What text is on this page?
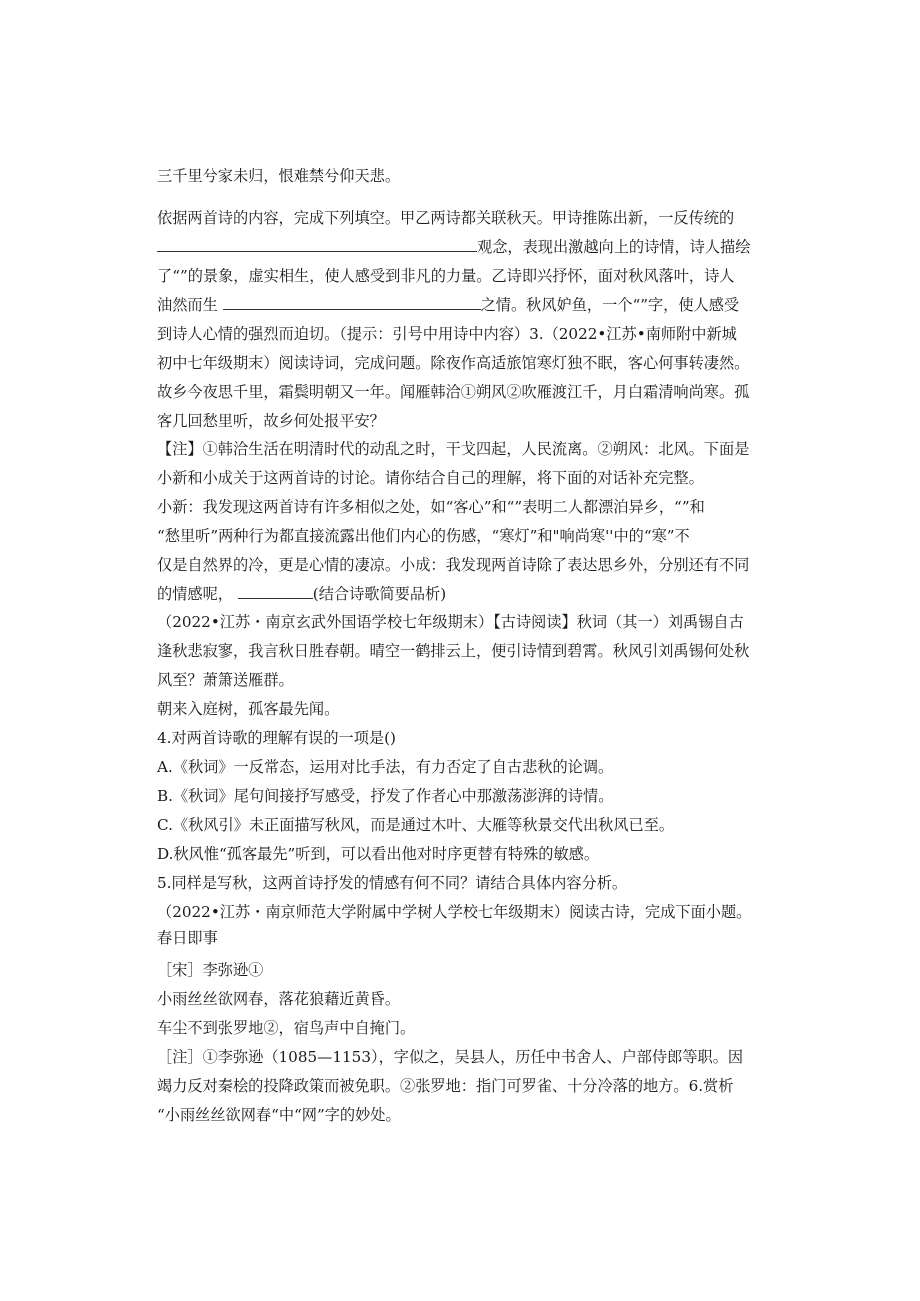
三千里兮家未归，恨难禁兮仰天悲。
依据两首诗的内容，完成下列填空。甲乙两诗都关联秋天。甲诗推陈出新，一反传统的
观念，表现出激越向上的诗情，诗人描绘
了“”的景象，虚实相生，使人感受到非凡的力量。乙诗即兴抒怀，面对秋风落叶，诗人
油然而生	之情。秋风妒鱼，一个“”字，使人感受
到诗人心情的强烈而迫切。（提示：引号中用诗中内容）3.（2022•江苏•南师附中新城
初中七年级期末）阅读诗词，完成问题。除夜作高适旅馆寒灯独不眠，客心何事转凄然。
故乡今夜思千里，霜鬓明朝又一年。闻雁韩洽①朔风②吹雁渡江千，月白霜清响尚寒。孤
客几回愁里听，故乡何处报平安？
【注】①韩洽生活在明清时代的动乱之时，干戈四起，人民流离。②朔风：北风。下面是
小新和小成关于这两首诗的讨论。请你结合自己的理解，将下面的对话补充完整。
小新：我发现这两首诗有许多相似之处，如“客心”和“”表明二人都漂泊异乡，“”和
“愁里听”两种行为都直接流露出他们内心的伤感，“寒灯”和"响尚寒''中的“寒”不
仅是自然界的冷，更是心情的凄凉。小成：我发现两首诗除了表达思乡外，分别还有不同
的情感呢，	(结合诗歌简要品析)
（2022•江苏・南京玄武外国语学校七年级期末）【古诗阅读】秋词（其一）刘禹锡自古
逢秋悲寂寥，我言秋日胜春朝。晴空一鹤排云上，便引诗情到碧霄。秋风引刘禹锡何处秋
风至？萧箫送雁群。
朝来入庭树，孤客最先闻。
4.对两首诗歌的理解有误的一项是()
A.《秋词》一反常态，运用对比手法，有力否定了自古悲秋的论调。
B.《秋词》尾句间接抒写感受，抒发了作者心中那激荡澎湃的诗情。
C.《秋风引》未正面描写秋风，而是通过木叶、大雁等秋景交代出秋风已至。
D.秋风惟“孤客最先”听到，可以看出他对时序更替有特殊的敏感。
5.同样是写秋，这两首诗抒发的情感有何不同？请结合具体内容分析。
（2022•江苏・南京师范大学附属中学树人学校七年级期末）阅读古诗，完成下面小题。
春日即事
［宋］李弥逊①
小雨丝丝欲网春，落花狼藉近黄昏。
车尘不到张罗地②，宿鸟声中自掩门。
［注］①李弥逊（1085—1153），字似之，吴县人，历任中书舍人、户部侍郎等职。因
竭力反对秦桧的投降政策而被免职。②张罗地：指门可罗雀、十分冷落的地方。6.赏析
“小雨丝丝欲网春“中“网”字的妙处。
